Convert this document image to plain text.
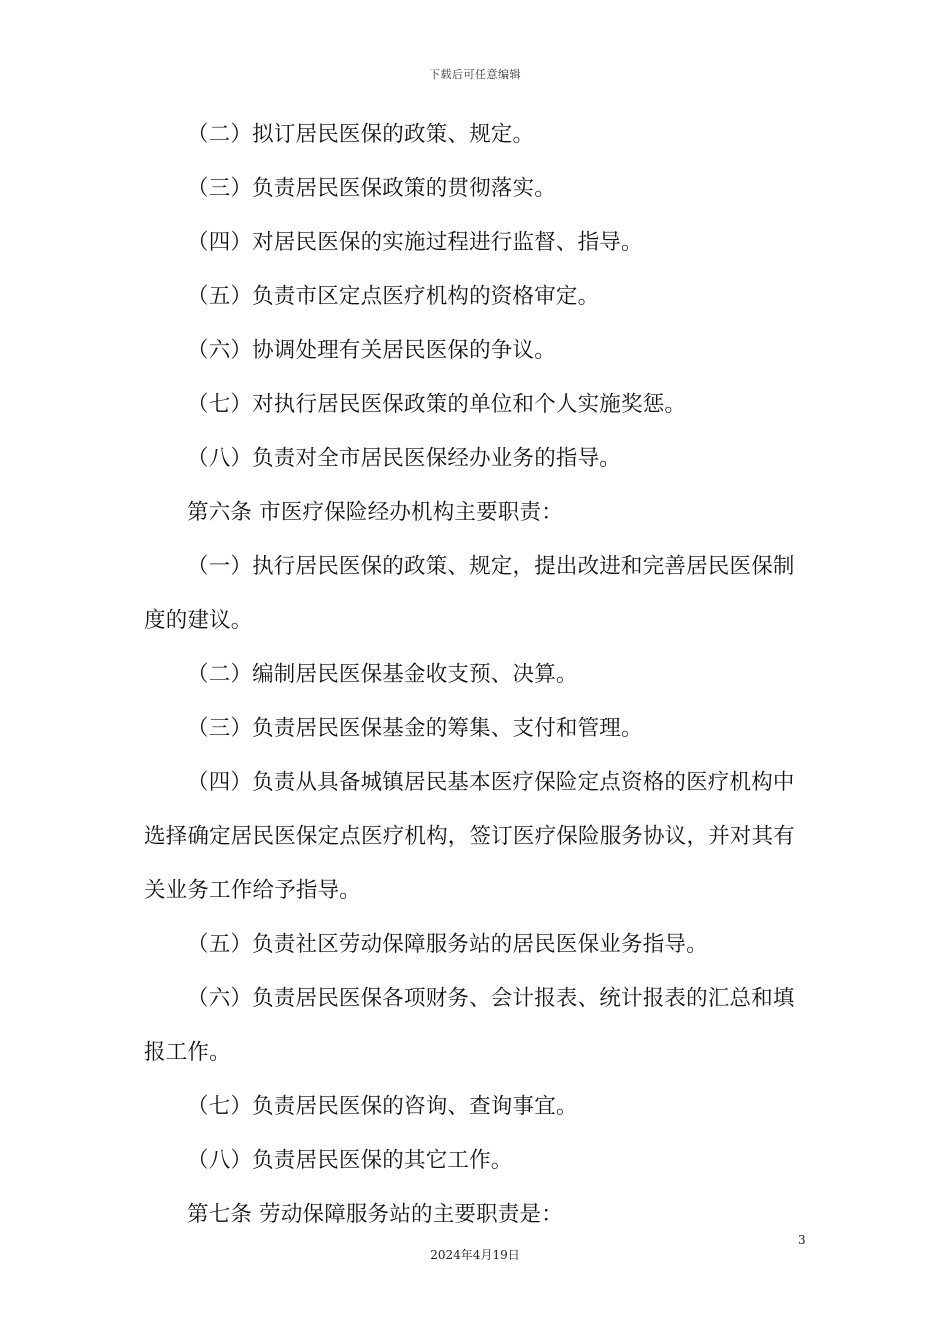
下载后可任意编辑

（二）拟订居民医保的政策、规定。

（三）负责居民医保政策的贯彻落实。

（四）对居民医保的实施过程进行监督、指导。

（五）负责市区定点医疗机构的资格审定。

（六）协调处理有关居民医保的争议。

（七）对执行居民医保政策的单位和个人实施奖惩。

（八）负责对全市居民医保经办业务的指导。

第六条 市医疗保险经办机构主要职责：

（一）执行居民医保的政策、规定，提出改进和完善居民医保制度的建议。

（二）编制居民医保基金收支预、决算。

（三）负责居民医保基金的筹集、支付和管理。

（四）负责从具备城镇居民基本医疗保险定点资格的医疗机构中选择确定居民医保定点医疗机构，签订医疗保险服务协议，并对其有关业务工作给予指导。

（五）负责社区劳动保障服务站的居民医保业务指导。

（六）负责居民医保各项财务、会计报表、统计报表的汇总和填报工作。

（七）负责居民医保的咨询、查询事宜。

（八）负责居民医保的其它工作。

第七条 劳动保障服务站的主要职责是：

3
2024年4月19日
